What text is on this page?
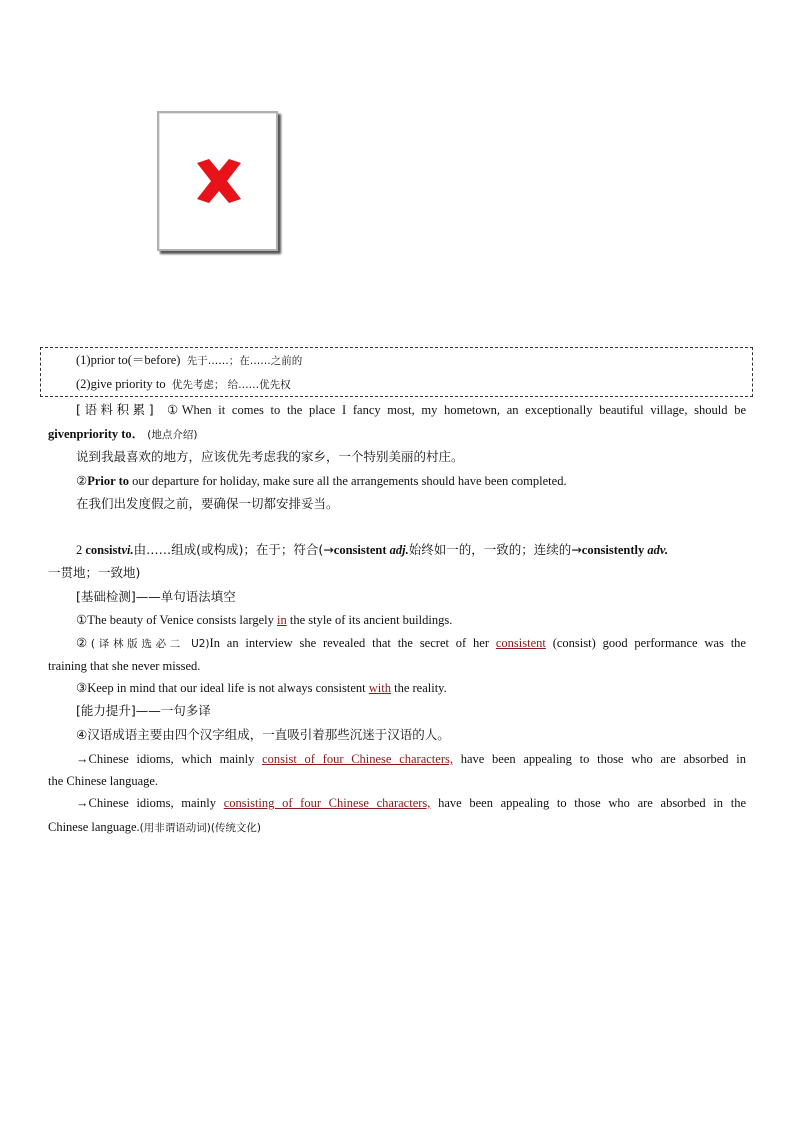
(1)prior to(＝before) 先于……；在……之前的
(2)give priority to 优先考虑； 给……优先权
[语料积累] ①When it comes to the place I fancy most, my hometown, an exceptionally beautiful village, should be
givenpriority to． (地点介绍)
说到我最喜欢的地方，应该优先考虑我的家乡，一个特别美丽的村庄。
②Prior to our departure for holiday, make sure all the arrangements should have been completed.
在我们出发度假之前，要确保一切都安排妥当。
2 consistvi.由……组成(或构成)；在于；符合(→consistent adj.始终如一的，一致的；连续的→consistently adv.
一贯地；一致地)
[基础检测]——单句语法填空
①The beauty of Venice consists largely in the style of its ancient buildings.
②(译林版选必二 U2)In an interview she revealed that the secret of her consistent (consist) good performance was the
training that she never missed.
③Keep in mind that our ideal life is not always consistent with the reality.
[能力提升]——一句多译
④汉语成语主要由四个汉字组成，一直吸引着那些沉迷于汉语的人。
→Chinese idioms, which mainly consist of four Chinese characters, have been appealing to those who are absorbed in
the Chinese language.
→Chinese idioms, mainly consisting of four Chinese characters, have been appealing to those who are absorbed in the
Chinese language.(用非谓语动词)(传统文化)
